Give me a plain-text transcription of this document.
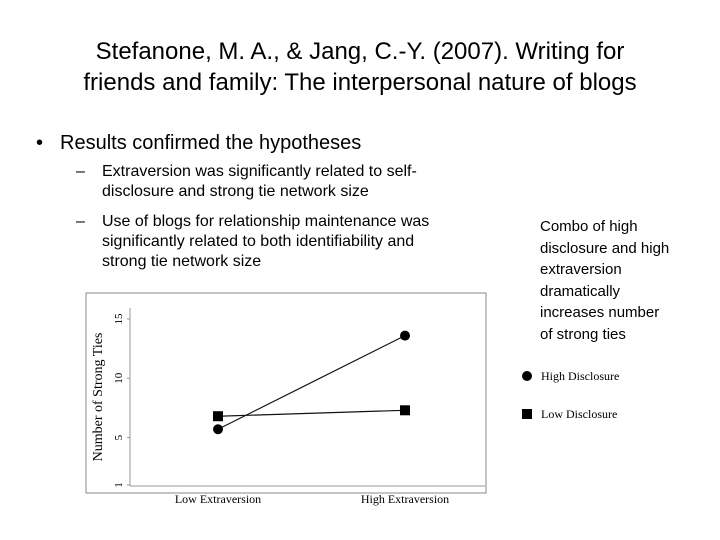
Stefanone, M. A., & Jang, C.-Y. (2007). Writing for
friends and family: The interpersonal nature of blogs
• Results confirmed the hypotheses
– Extraversion was significantly related to self-
disclosure and strong tie network size
– Use of blogs for relationship maintenance was
significantly related to both identifiability and
strong tie network size
Combo of high
disclosure and high
extraversion
dramatically
increases number
of strong ties
1
5
10
15
Number of Strong Ties
Low Extraversion	High Extraversion
High Disclosure
Low Disclosure
